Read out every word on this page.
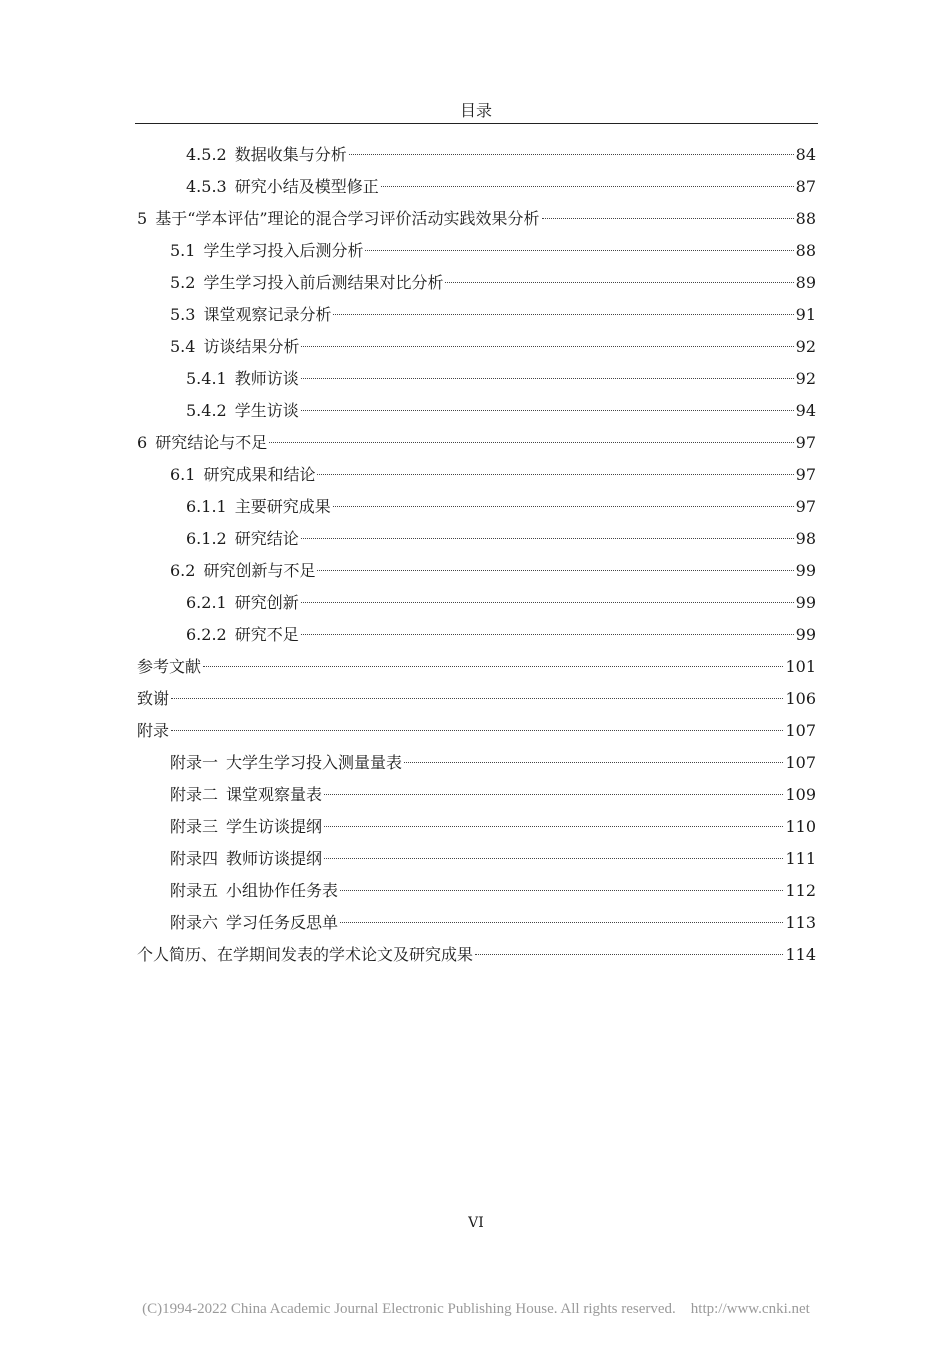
目录
4.5.2 数据收集与分析	84
4.5.3 研究小结及模型修正	87
5 基于“学本评估”理论的混合学习评价活动实践效果分析	88
5.1 学生学习投入后测分析	88
5.2 学生学习投入前后测结果对比分析	89
5.3 课堂观察记录分析	91
5.4 访谈结果分析	92
5.4.1 教师访谈	92
5.4.2 学生访谈	94
6 研究结论与不足	97
6.1 研究成果和结论	97
6.1.1 主要研究成果	97
6.1.2 研究结论	98
6.2 研究创新与不足	99
6.2.1 研究创新	99
6.2.2 研究不足	99
参考文献	101
致谢	106
附录	107
附录一 大学生学习投入测量量表	107
附录二 课堂观察量表	109
附录三 学生访谈提纲	110
附录四 教师访谈提纲	111
附录五 小组协作任务表	112
附录六 学习任务反思单	113
个人简历、在学期间发表的学术论文及研究成果	114
VI
(C)1994-2022 China Academic Journal Electronic Publishing House. All rights reserved.    http://www.cnki.net
